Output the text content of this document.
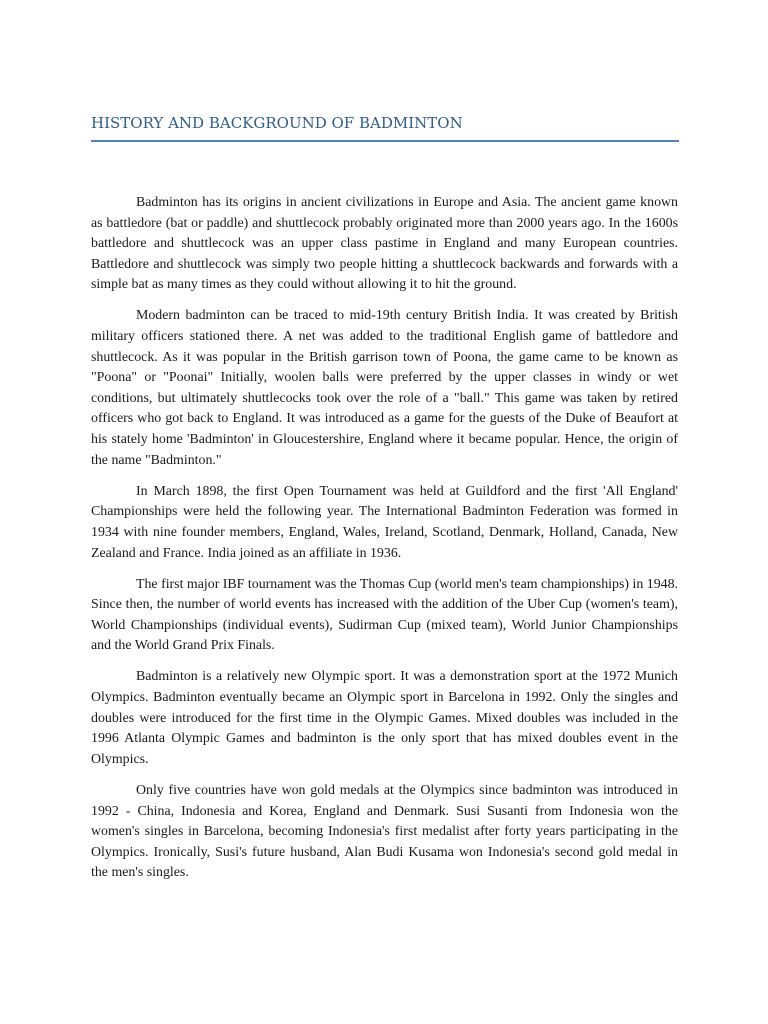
HISTORY AND BACKGROUND OF BADMINTON

Badminton has its origins in ancient civilizations in Europe and Asia. The ancient game known as battledore (bat or paddle) and shuttlecock probably originated more than 2000 years ago. In the 1600s battledore and shuttlecock was an upper class pastime in England and many European countries. Battledore and shuttlecock was simply two people hitting a shuttlecock backwards and forwards with a simple bat as many times as they could without allowing it to hit the ground.

Modern badminton can be traced to mid-19th century British India. It was created by British military officers stationed there. A net was added to the traditional English game of battledore and shuttlecock. As it was popular in the British garrison town of Poona, the game came to be known as "Poona" or "Poonai" Initially, woolen balls were preferred by the upper classes in windy or wet conditions, but ultimately shuttlecocks took over the role of a "ball." This game was taken by retired officers who got back to England. It was introduced as a game for the guests of the Duke of Beaufort at his stately home 'Badminton' in Gloucestershire, England where it became popular. Hence, the origin of the name "Badminton."

In March 1898, the first Open Tournament was held at Guildford and the first 'All England' Championships were held the following year. The International Badminton Federation was formed in 1934 with nine founder members, England, Wales, Ireland, Scotland, Denmark, Holland, Canada, New Zealand and France. India joined as an affiliate in 1936.

The first major IBF tournament was the Thomas Cup (world men's team championships) in 1948. Since then, the number of world events has increased with the addition of the Uber Cup (women's team), World Championships (individual events), Sudirman Cup (mixed team), World Junior Championships and the World Grand Prix Finals.

Badminton is a relatively new Olympic sport. It was a demonstration sport at the 1972 Munich Olympics. Badminton eventually became an Olympic sport in Barcelona in 1992. Only the singles and doubles were introduced for the first time in the Olympic Games. Mixed doubles was included in the 1996 Atlanta Olympic Games and badminton is the only sport that has mixed doubles event in the Olympics.

Only five countries have won gold medals at the Olympics since badminton was introduced in 1992 - China, Indonesia and Korea, England and Denmark. Susi Susanti from Indonesia won the women's singles in Barcelona, becoming Indonesia's first medalist after forty years participating in the Olympics. Ironically, Susi's future husband, Alan Budi Kusama won Indonesia's second gold medal in the men's singles.
